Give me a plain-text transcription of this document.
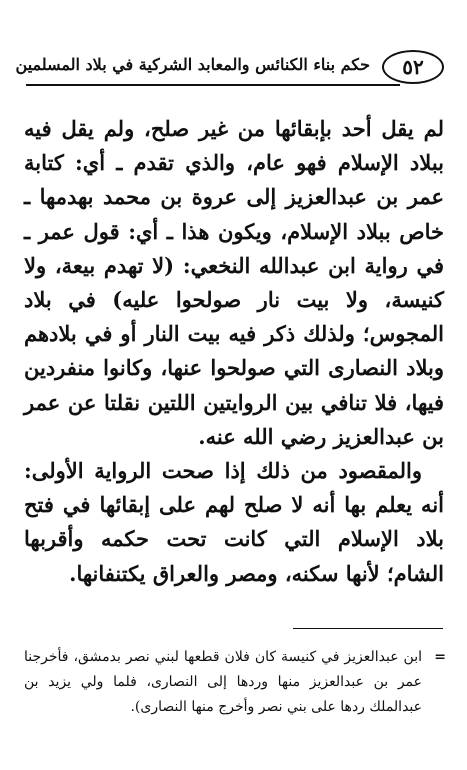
٥٢
حكم بناء الكنائس والمعابد الشركية في بلاد المسلمين

لم يقل أحد بإبقائها من غير صلح، ولم يقل فيه ببلاد الإسلام فهو عام، والذي تقدم ـ أي: كتابة عمر بن عبدالعزيز إلى عروة بن محمد بهدمها ـ خاص ببلاد الإسلام، ويكون هذا ـ أي: قول عمر ـ في رواية ابن عبدالله النخعي: (لا تهدم بيعة، ولا كنيسة، ولا بيت نار صولحوا عليه) في بلاد المجوس؛ ولذلك ذكر فيه بيت النار أو في بلادهم وبلاد النصارى التي صولحوا عنها، وكانوا منفردين فيها، فلا تنافي بين الروايتين اللتين نقلتا عن عمر بن عبدالعزيز رضي الله عنه.

والمقصود من ذلك إذا صحت الرواية الأولى: أنه يعلم بها أنه لا صلح لهم على إبقائها في فتح بلاد الإسلام التي كانت تحت حكمه وأقربها الشام؛ لأنها سكنه، ومصر والعراق يكتنفانها.

=
ابن عبدالعزيز في كنيسة كان فلان قطعها لبني نصر بدمشق، فأخرجنا عمر بن عبدالعزيز منها وردها إلى النصارى، فلما ولي يزيد بن عبدالملك ردها على بني نصر وأخرج منها النصارى).
